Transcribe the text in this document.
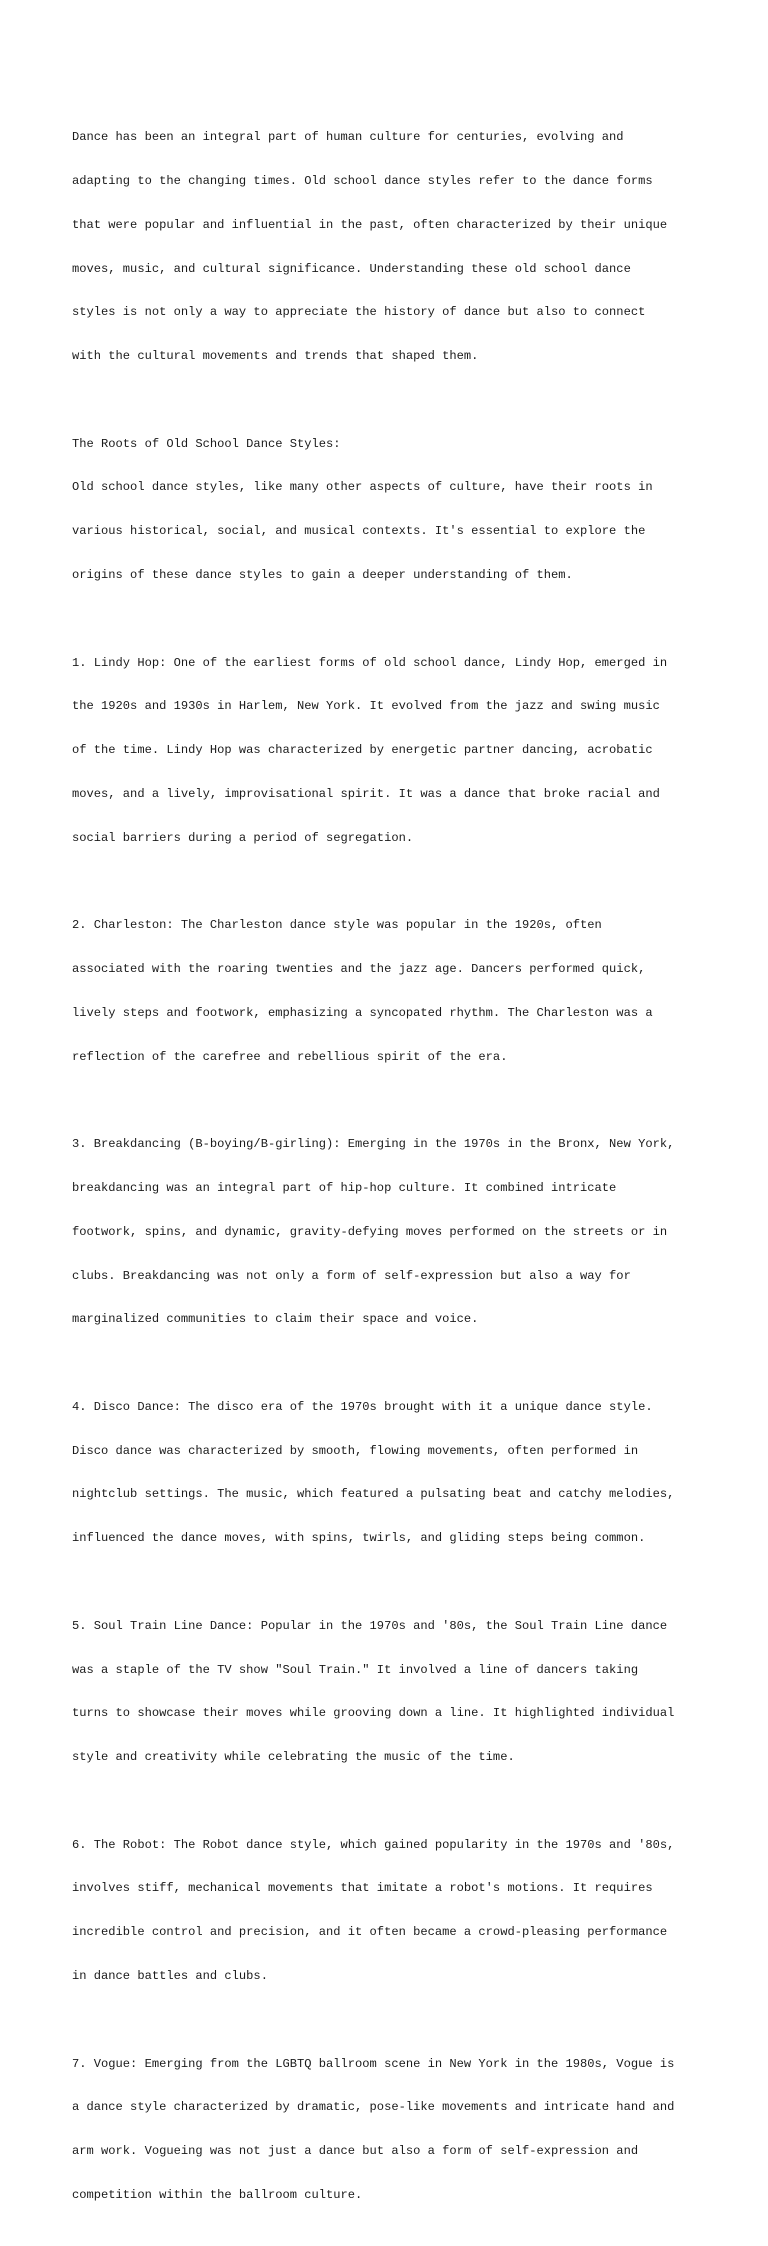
Dance has been an integral part of human culture for centuries, evolving and

adapting to the changing times. Old school dance styles refer to the dance forms

that were popular and influential in the past, often characterized by their unique

moves, music, and cultural significance. Understanding these old school dance

styles is not only a way to appreciate the history of dance but also to connect

with the cultural movements and trends that shaped them.

The Roots of Old School Dance Styles:

Old school dance styles, like many other aspects of culture, have their roots in

various historical, social, and musical contexts. It's essential to explore the

origins of these dance styles to gain a deeper understanding of them.

1. Lindy Hop: One of the earliest forms of old school dance, Lindy Hop, emerged in

the 1920s and 1930s in Harlem, New York. It evolved from the jazz and swing music

of the time. Lindy Hop was characterized by energetic partner dancing, acrobatic

moves, and a lively, improvisational spirit. It was a dance that broke racial and

social barriers during a period of segregation.

2. Charleston: The Charleston dance style was popular in the 1920s, often

associated with the roaring twenties and the jazz age. Dancers performed quick,

lively steps and footwork, emphasizing a syncopated rhythm. The Charleston was a

reflection of the carefree and rebellious spirit of the era.

3. Breakdancing (B-boying/B-girling): Emerging in the 1970s in the Bronx, New York,

breakdancing was an integral part of hip-hop culture. It combined intricate

footwork, spins, and dynamic, gravity-defying moves performed on the streets or in

clubs. Breakdancing was not only a form of self-expression but also a way for

marginalized communities to claim their space and voice.

4. Disco Dance: The disco era of the 1970s brought with it a unique dance style.

Disco dance was characterized by smooth, flowing movements, often performed in

nightclub settings. The music, which featured a pulsating beat and catchy melodies,

influenced the dance moves, with spins, twirls, and gliding steps being common.

5. Soul Train Line Dance: Popular in the 1970s and '80s, the Soul Train Line dance

was a staple of the TV show "Soul Train." It involved a line of dancers taking

turns to showcase their moves while grooving down a line. It highlighted individual

style and creativity while celebrating the music of the time.

6. The Robot: The Robot dance style, which gained popularity in the 1970s and '80s,

involves stiff, mechanical movements that imitate a robot's motions. It requires

incredible control and precision, and it often became a crowd-pleasing performance

in dance battles and clubs.

7. Vogue: Emerging from the LGBTQ ballroom scene in New York in the 1980s, Vogue is

a dance style characterized by dramatic, pose-like movements and intricate hand and

arm work. Vogueing was not just a dance but also a form of self-expression and

competition within the ballroom culture.
